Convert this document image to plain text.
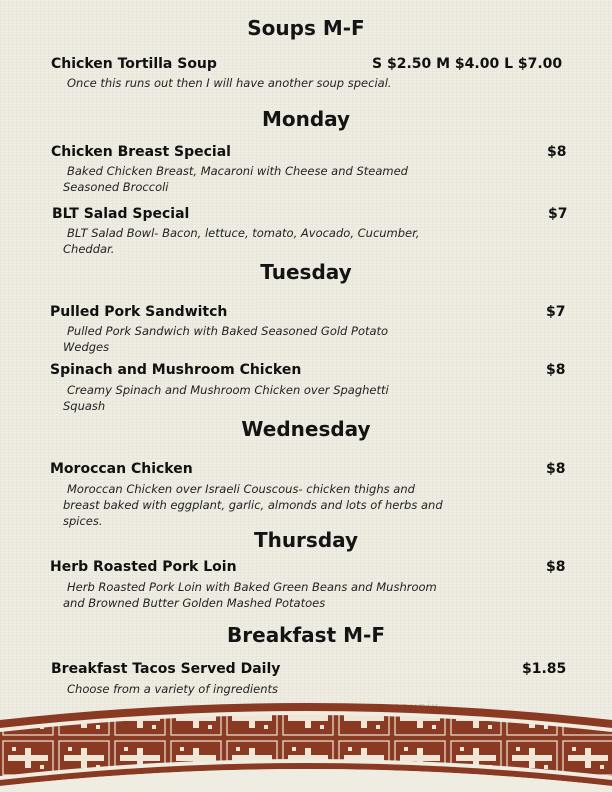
Soups M-F

Chicken Tortilla Soup	S $2.50 M $4.00 L $7.00

Once this runs out then I will have another soup special.

Monday

Chicken Breast Special	$8

Baked Chicken Breast, Macaroni with Cheese and Steamed Seasoned Broccoli

BLT Salad Special	$7

BLT Salad Bowl- Bacon, lettuce, tomato, Avocado, Cucumber, Cheddar.

Tuesday

Pulled Pork Sandwitch	$7

Pulled Pork Sandwich with Baked Seasoned Gold Potato Wedges

Spinach and Mushroom Chicken	$8

Creamy Spinach and Mushroom Chicken over Spaghetti Squash

Wednesday

Moroccan Chicken	$8

Moroccan Chicken over Israeli Couscous- chicken thighs and breast baked with eggplant, garlic, almonds and lots of herbs and spices.

Thursday

Herb Roasted Pork Loin	$8

Herb Roasted Pork Loin with Baked Green Beans and Mushroom and Browned Butter Golden Mashed Potatoes

Breakfast M-F

Breakfast Tacos Served Daily	$1.85

Choose from a variety of ingredients
